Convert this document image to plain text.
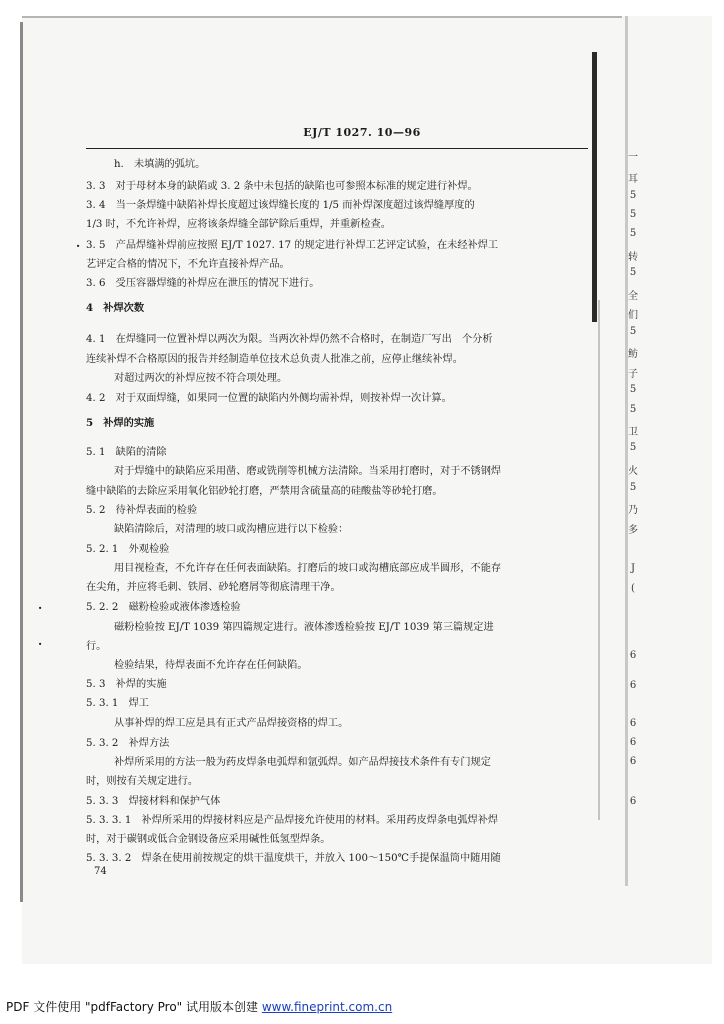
EJ/T 1027. 10—96
h.　未填满的弧坑。
3. 3　对于母材本身的缺陷或 3. 2 条中未包括的缺陷也可参照本标准的规定进行补焊。
3. 4　当一条焊缝中缺陷补焊长度超过该焊缝长度的 1/5 而补焊深度超过该焊缝厚度的
1/3 时，不允许补焊，应将该条焊缝全部铲除后重焊，并重新检查。
. 3. 5　产品焊缝补焊前应按照 EJ/T 1027. 17 的规定进行补焊工艺评定试验，在未经补焊工
艺评定合格的情况下，不允许直接补焊产品。
3. 6　受压容器焊缝的补焊应在泄压的情况下进行。
4　补焊次数
4. 1　在焊缝同一位置补焊以两次为限。当两次补焊仍然不合格时，在制造厂写出　个分析
连续补焊不合格原因的报告并经制造单位技术总负责人批准之前，应停止继续补焊。
对超过两次的补焊应按不符合项处理。
4. 2　对于双面焊缝，如果同一位置的缺陷内外侧均需补焊，则按补焊一次计算。
5　补焊的实施
5. 1　缺陷的清除
对于焊缝中的缺陷应采用凿、磨或铣削等机械方法清除。当采用打磨时，对于不锈钢焊
缝中缺陷的去除应采用氧化铝砂轮打磨，严禁用含硫量高的硅酸盐等砂轮打磨。
5. 2　待补焊表面的检验
缺陷清除后，对清理的坡口或沟槽应进行以下检验：
5. 2. 1　外观检验
用目视检查，不允许存在任何表面缺陷。打磨后的坡口或沟槽底部应成半圆形，不能存
在尖角，并应将毛刺、铁屑、砂轮磨屑等彻底清理干净。
.	5. 2. 2　磁粉检验或液体渗透检验
磁粉检验按 EJ/T 1039 第四篇规定进行。液体渗透检验按 EJ/T 1039 第三篇规定进
.	行。
检验结果，待焊表面不允许存在任何缺陷。
5. 3　补焊的实施
5. 3. 1　焊工
从事补焊的焊工应是具有正式产品焊接资格的焊工。
5. 3. 2　补焊方法
补焊所采用的方法一般为药皮焊条电弧焊和氩弧焊。如产品焊接技术条件有专门规定
时，则按有关规定进行。
5. 3. 3　焊接材料和保护气体
5. 3. 3. 1　补焊所采用的焊接材料应是产品焊接允许使用的材料。采用药皮焊条电弧焊补焊
时，对于碳钢或低合金钢设备应采用碱性低氢型焊条。
5. 3. 3. 2　焊条在使用前按规定的烘干温度烘干，并放入 100～150℃手提保温筒中随用随
74
一
耳
5
5
5
转
5
全
们
5
鲂
子
5
5
卫
5
火
5
乃
多
J
(
6
6
6
6
6
6
PDF 文件使用 "pdfFactory Pro" 试用版本创建 www.fineprint.com.cn
